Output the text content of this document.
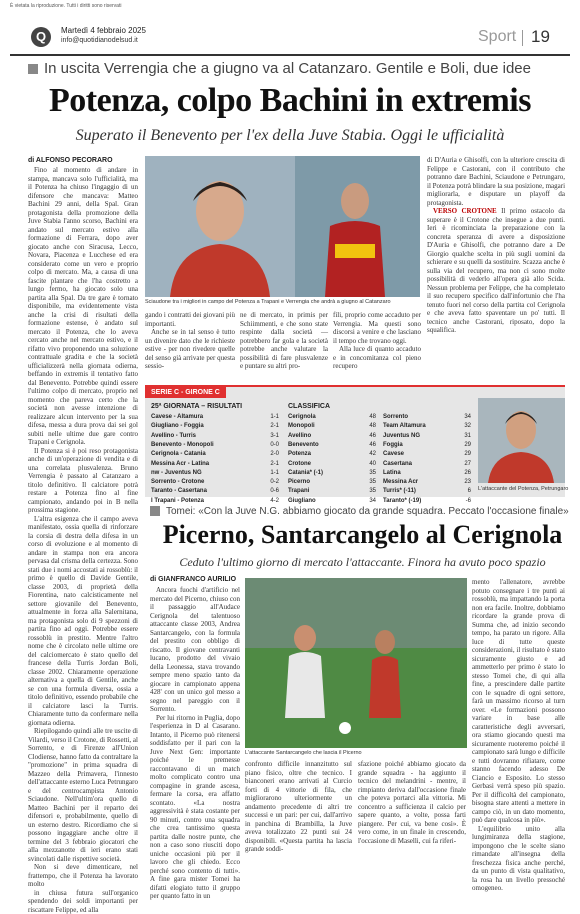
È vietata la riproduzione. Tutti i diritti sono riservati
Q	Martedì 4 febbraio 2025
info@quotidianodelsud.it	Sport 19
In uscita Verrengia che a giugno va al Catanzaro. Gentile e Boli, due idee
Potenza, colpo Bachini in extremis
Superato il Benevento per l'ex della Juve Stabia. Oggi le ufficialità
di ALFONSO PECORARO

Fino al momento di andare in stampa, mancava solo l'ufficialità, ma il Potenza ha chiuso l'ingaggio di un difensore che mancava: Matteo Bachini 29 anni, della Spal. Gran protagonista della promozione della Juve Stabia l'anno scorso, Bachini era andato sul mercato estivo alla formazione di Ferrara, dopo aver giocato anche con Siracusa, Lecco, Novara, Piacenza e Lucchese ed era considerato come un vero e proprio colpo di mercato. Ma, a causa di una fascite plantare che l'ha costretto a lungo fermo, ha giocato solo una partita alla Spal. Da tre gare è tornato disponibile, ma evidentemente vista anche la crisi di risultati della formazione estense, è andato sul mercato il Potenza, che lo aveva cercato anche nel mercato estivo, e il rifatto vivo proponendo una soluzione contrattuale gradita e che la società ufficializzerà nella giornata odierna, beffando in extremis il tentativo fatto dal Benevento. Potrebbe quindi essere l'ultimo colpo di mercato, proprio nel momento che pareva certo che la società non avesse intenzione di realizzare alcun intervento per la sua difesa, messa a dura prova dai sei gol subiti nelle ultime due gare contro Trapani e Cerignola.

Il Potenza si è poi reso protagonista anche di un'operazione di vendita e di una correlata plusvalenza. Bruno Verrengia è passato al Catanzaro a titolo definitivo. Il calciatore potrà restare a Potenza fino al fine campionato, andando poi in B nella prossima stagione.

L'altra esigenza che il campo aveva manifestato, ossia quella di rinforzare la corsia di destra della difesa in un corso di evoluzione e al momento di andare in stampa non era ancora pervasa dal crisma della certezza. Sono stati due i nomi accostati ai rossoblù: il primo è quello di Davide Gentile, classe 2003, di proprietà della Fiorentina, nato calcisticamente nel settore giovanile del Benevento, attualmente in forza alla Salernitana, ma protagonista solo di 9 spezzoni di partita fino ad oggi. Potrebbe essere rossoblù in prestito. Mentre l'altro nome che è circolato nelle ultime ore del calciomercato è stato quello del francese della Turris Jordan Boli, classe 2002. Chiaramente operazione alternativa a quella di Gentile, anche se con una formula diversa, ossia a titolo definitivo, essendo probabile che il calciatore lasci la Turris. Chiaramente tutto da confermare nella giornata odierna.

Riepilogando quindi alle tre uscite di Vilardi, verso il Crotone, di Rossetti, al Sorrento, e di Firenze all'Union Clodiense, hanno fatto da contraltare la "promozione" in prima squadra di Mazzeo della Primavera, l'innesto dell'attaccante esterno Luca Petrungaro e del centrocampista Antonio Sciaudone. Nell'ultim'ora quello di Matteo Bachini per il reparto dei difensori e, probabilmente, quello di un esterno destro. Ricordiamo che si possono ingaggiare anche oltre il termine del 3 febbraio giocatori che alla mezzanotte di ieri erano stati svincolati dalle rispettive società.

Non si deve dimenticare, nel frattempo, che il Potenza ha lavorato molto

in chiusa futura sull'organico spendendo dei soldi importanti per riscattare Felippe, ed alla

Sciaudone tra i migliori in campo del Potenza a Trapani e Verrengia che andrà a giugno al Catanzaro

gando i contratti dei giovani più importanti.

Anche se in tal senso è tutto un divenire dato che le richieste estive - per non rivedere quelle del senso già arrivate per questa sessio-

ne di mercato, in primis per Schiimmenti, e che sono state respinte dalla società — potrebbero far gola e la società potrebbe anche valutare la possibilità di fare plusvalenze e puntare su altri pro-

fili, proprio come accaduto per Verrengia. Ma questi sono discorsi a venire e che lasciano il tempo che trovano oggi.

Alla luce di quanto accaduto e in concomitanza col pieno recupero

di D'Auria e Ghisolfi, con la ulteriore crescita di Felippe e Castorani, con il contributo che potranno dare Bachini, Sciaudone e Petrungaro, il Potenza potrà blindare la sua posizione, magari migliorarla, e disputare un playoff da protagonista.

VERSO CROTONE Il primo ostacolo da superare è il Crotone che insegue a due punti. Ieri è ricominciata la preparazione con la concreta speranza di avere a disposizione D'Auria e Ghisolfi, che potranno dare a De Giorgio qualche scelta in più sugli uomini da schierare e su quelli da sostituire. Scazza anche è sulla via del recupero, ma non ci sono molte possibilità di vederlo all'opera già allo Scida. Nessun problema per Felippe, che ha completato il suo recupero specifico dall'infortunio che l'ha tenuto fuori nel corso della partita col Cerignola e che aveva fatto spaventare un po' tutti. Il tecnico anche Castorani, riposato, dopo la squalifica.

SERIE C - GIRONE C
25ª GIORNATA – RISULTATI	CLASSIFICA
Cavese - Altamura	1-1
Giugliano - Foggia	2-1
Avellino - Turris	3-1
Benevento - Monopoli	0-0
Cerignola - Catania	2-0
Messina Acr - Latina	2-1
nw - Juventus NG	1-1
Sorrento - Crotone	0-2
Taranto - Casertana	0-6
I Trapani - Potenza	4-2
Cerignola	48
Monopoli	48
Avellino	46
Benevento	46
Potenza	42
Crotone	40
Catania* (-1)	35
Picerno	35
Trapani	35
Giugliano	34
Sorrento	34
Team Altamura	32
Juventus NG	31
Foggia	29
Cavese	29
Casertana	27
Latina	26
Messina Acr	23
Turris* (-11)	6
Taranto* (-19)	-6
L'attaccante del Potenza, Petrungaro
Tomei: «Con la Juve N.G. abbiamo giocato da grande squadra. Peccato l'occasione finale»
Picerno, Santarcangelo al Cerignola
Ceduto l'ultimo giorno di mercato l'attaccante. Finora ha avuto poco spazio
di GIANFRANCO AURILIO

Ancora fuochi d'artificio nel mercato del Picerno, chiuso con il passaggio all'Audace Cerignola del talentuoso attaccante classe 2003, Andrea Santarcangelo, con la formula del prestito con obbligo di riscatto. Il giovane centravanti lucano, prodotto del vivaio della Leonessa, stava trovando sempre meno spazio tanto da giocare in campionato appena 428' con un unico gol messo a segno nel pareggio con il Sorrento.

Per lui ritorno in Puglia, dopo l'esperienza in D al Casarano. Intanto, il Picerno può ritenersi soddisfatto per il pari con la Juve Next Gen: importante poiché le premesse raccontavano di un match molto complicato contro una compagine in grande ascesa, fermare la corsa, era affatto scontato. «La nostra aggressività è stata costante per 90 minuti, contro una squadra che crea tantissimo questa partita dalle nostre punte, che non a caso sono riusciti dopo uniche occasioni più per il lavoro che gli chiedo. Ecco perché sono contento di tutti». A fine gara mister Tomei ha difatti elogiato tutto il gruppo per quanto fatto in un

L'attaccante Santarcangelo che lascia il Picerno

confronto difficile innanzitutto sul piano fisico, oltre che tecnico. I bianconeri erano arrivati al Curcio forti di 4 vittorie di fila, che migliorarono ulteriormente un andamento precedente di altri tre successi e un pari: per cui, dall'arrivo in panchina di Brambilla, la Juve aveva totalizzato 22 punti sui 24 disponibili. «Questa partita ha lascia grande soddi-

sfazione poiché abbiamo giocato da grande squadra - ha aggiunto il tecnico del melandrini - mentre, il rimpianto deriva dall'occasione finale che poteva portarci alla vittoria. Mi concentro a sufficienza il calcio per sapere quanto, a volte, possa farti piangere. Per cui, va bene così». È vero come, in un finale in crescendo, l'occasione di Maselli, cui fa riferi-

mento l'allenatore, avrebbe potuto consegnare i tre punti ai rossoblù, ma impattando la porta non era facile. Inoltre, dobbiamo ricordare la grande prova di Summa che, ad inizio secondo tempo, ha parato un rigore. Alla luce di tutte queste considerazioni, il risultato è stato sicuramente giusto e ad ammetterlo per primo è stato lo stesso Tomei che, di qui alla fine, a prescindere dalle partite con le squadre di ogni settore, farà un massimo ricorso al turn over. «Le formazioni possono variare in base alle caratteristiche degli avversari, ora stiamo giocando questi ma sicuramente ruoteremo poiché il campionato sarà lungo e difficile e tutti dovranno rifiatare, come stanno facendo adesso De Ciancio e Esposito. Lo stesso Gerbasi verrà speso più spazio. Per il difficoltà del campionato, bisogna stare attenti a mettere in campo ciò, in un dato momento, può dare qualcosa in più».

L'equilibrio unito alla lungimiranza della stagione, impongono che le scelte siano rimandate all'insegna della freschezza fisica anche perché, da un punto di vista qualitativo, la rosa ha un livello pressoché omogeneo.
